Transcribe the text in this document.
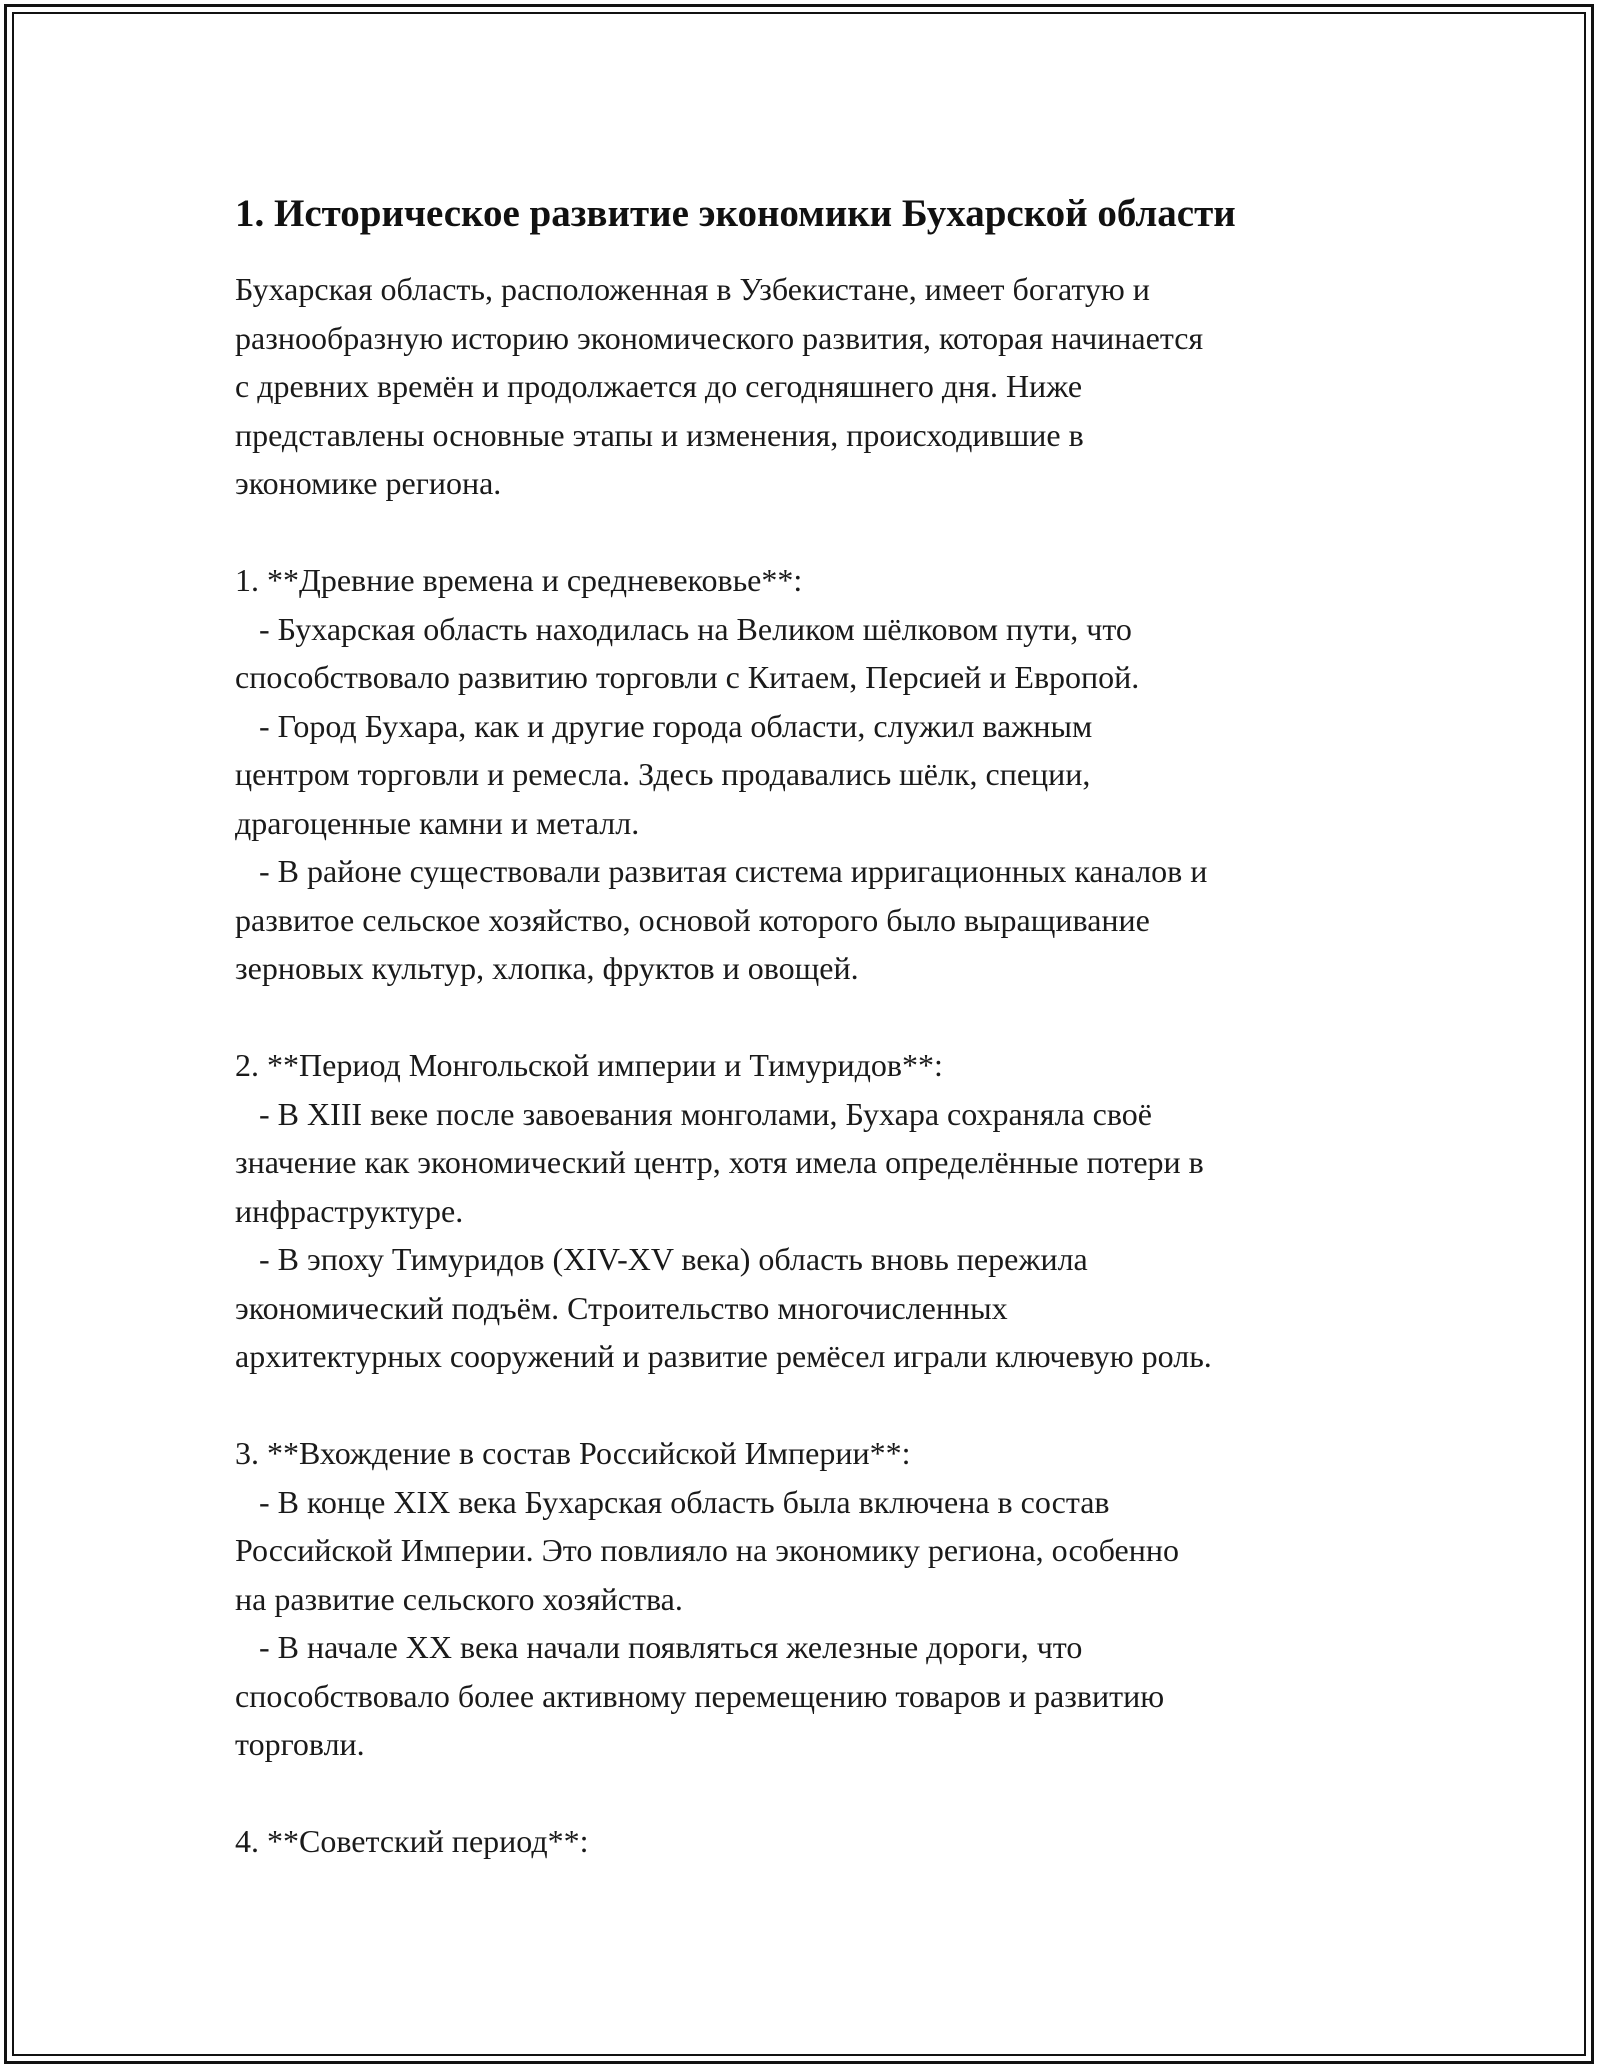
1. Историческое развитие экономики Бухарской области
Бухарская область, расположенная в Узбекистане, имеет богатую и
разнообразную историю экономического развития, которая начинается
с древних времён и продолжается до сегодняшнего дня. Ниже
представлены основные этапы и изменения, происходившие в
экономике региона.

1. **Древние времена и средневековье**:
- Бухарская область находилась на Великом шёлковом пути, что
способствовало развитию торговли с Китаем, Персией и Европой.
- Город Бухара, как и другие города области, служил важным
центром торговли и ремесла. Здесь продавались шёлк, специи,
драгоценные камни и металл.
- В районе существовали развитая система ирригационных каналов и
развитое сельское хозяйство, основой которого было выращивание
зерновых культур, хлопка, фруктов и овощей.

2. **Период Монгольской империи и Тимуридов**:
- В XIII веке после завоевания монголами, Бухара сохраняла своё
значение как экономический центр, хотя имела определённые потери в
инфраструктуре.
- В эпоху Тимуридов (XIV-XV века) область вновь пережила
экономический подъём. Строительство многочисленных
архитектурных сооружений и развитие ремёсел играли ключевую роль.

3. **Вхождение в состав Российской Империи**:
- В конце XIX века Бухарская область была включена в состав
Российской Империи. Это повлияло на экономику региона, особенно
на развитие сельского хозяйства.
- В начале XX века начали появляться железные дороги, что
способствовало более активному перемещению товаров и развитию
торговли.

4. **Советский период**:
